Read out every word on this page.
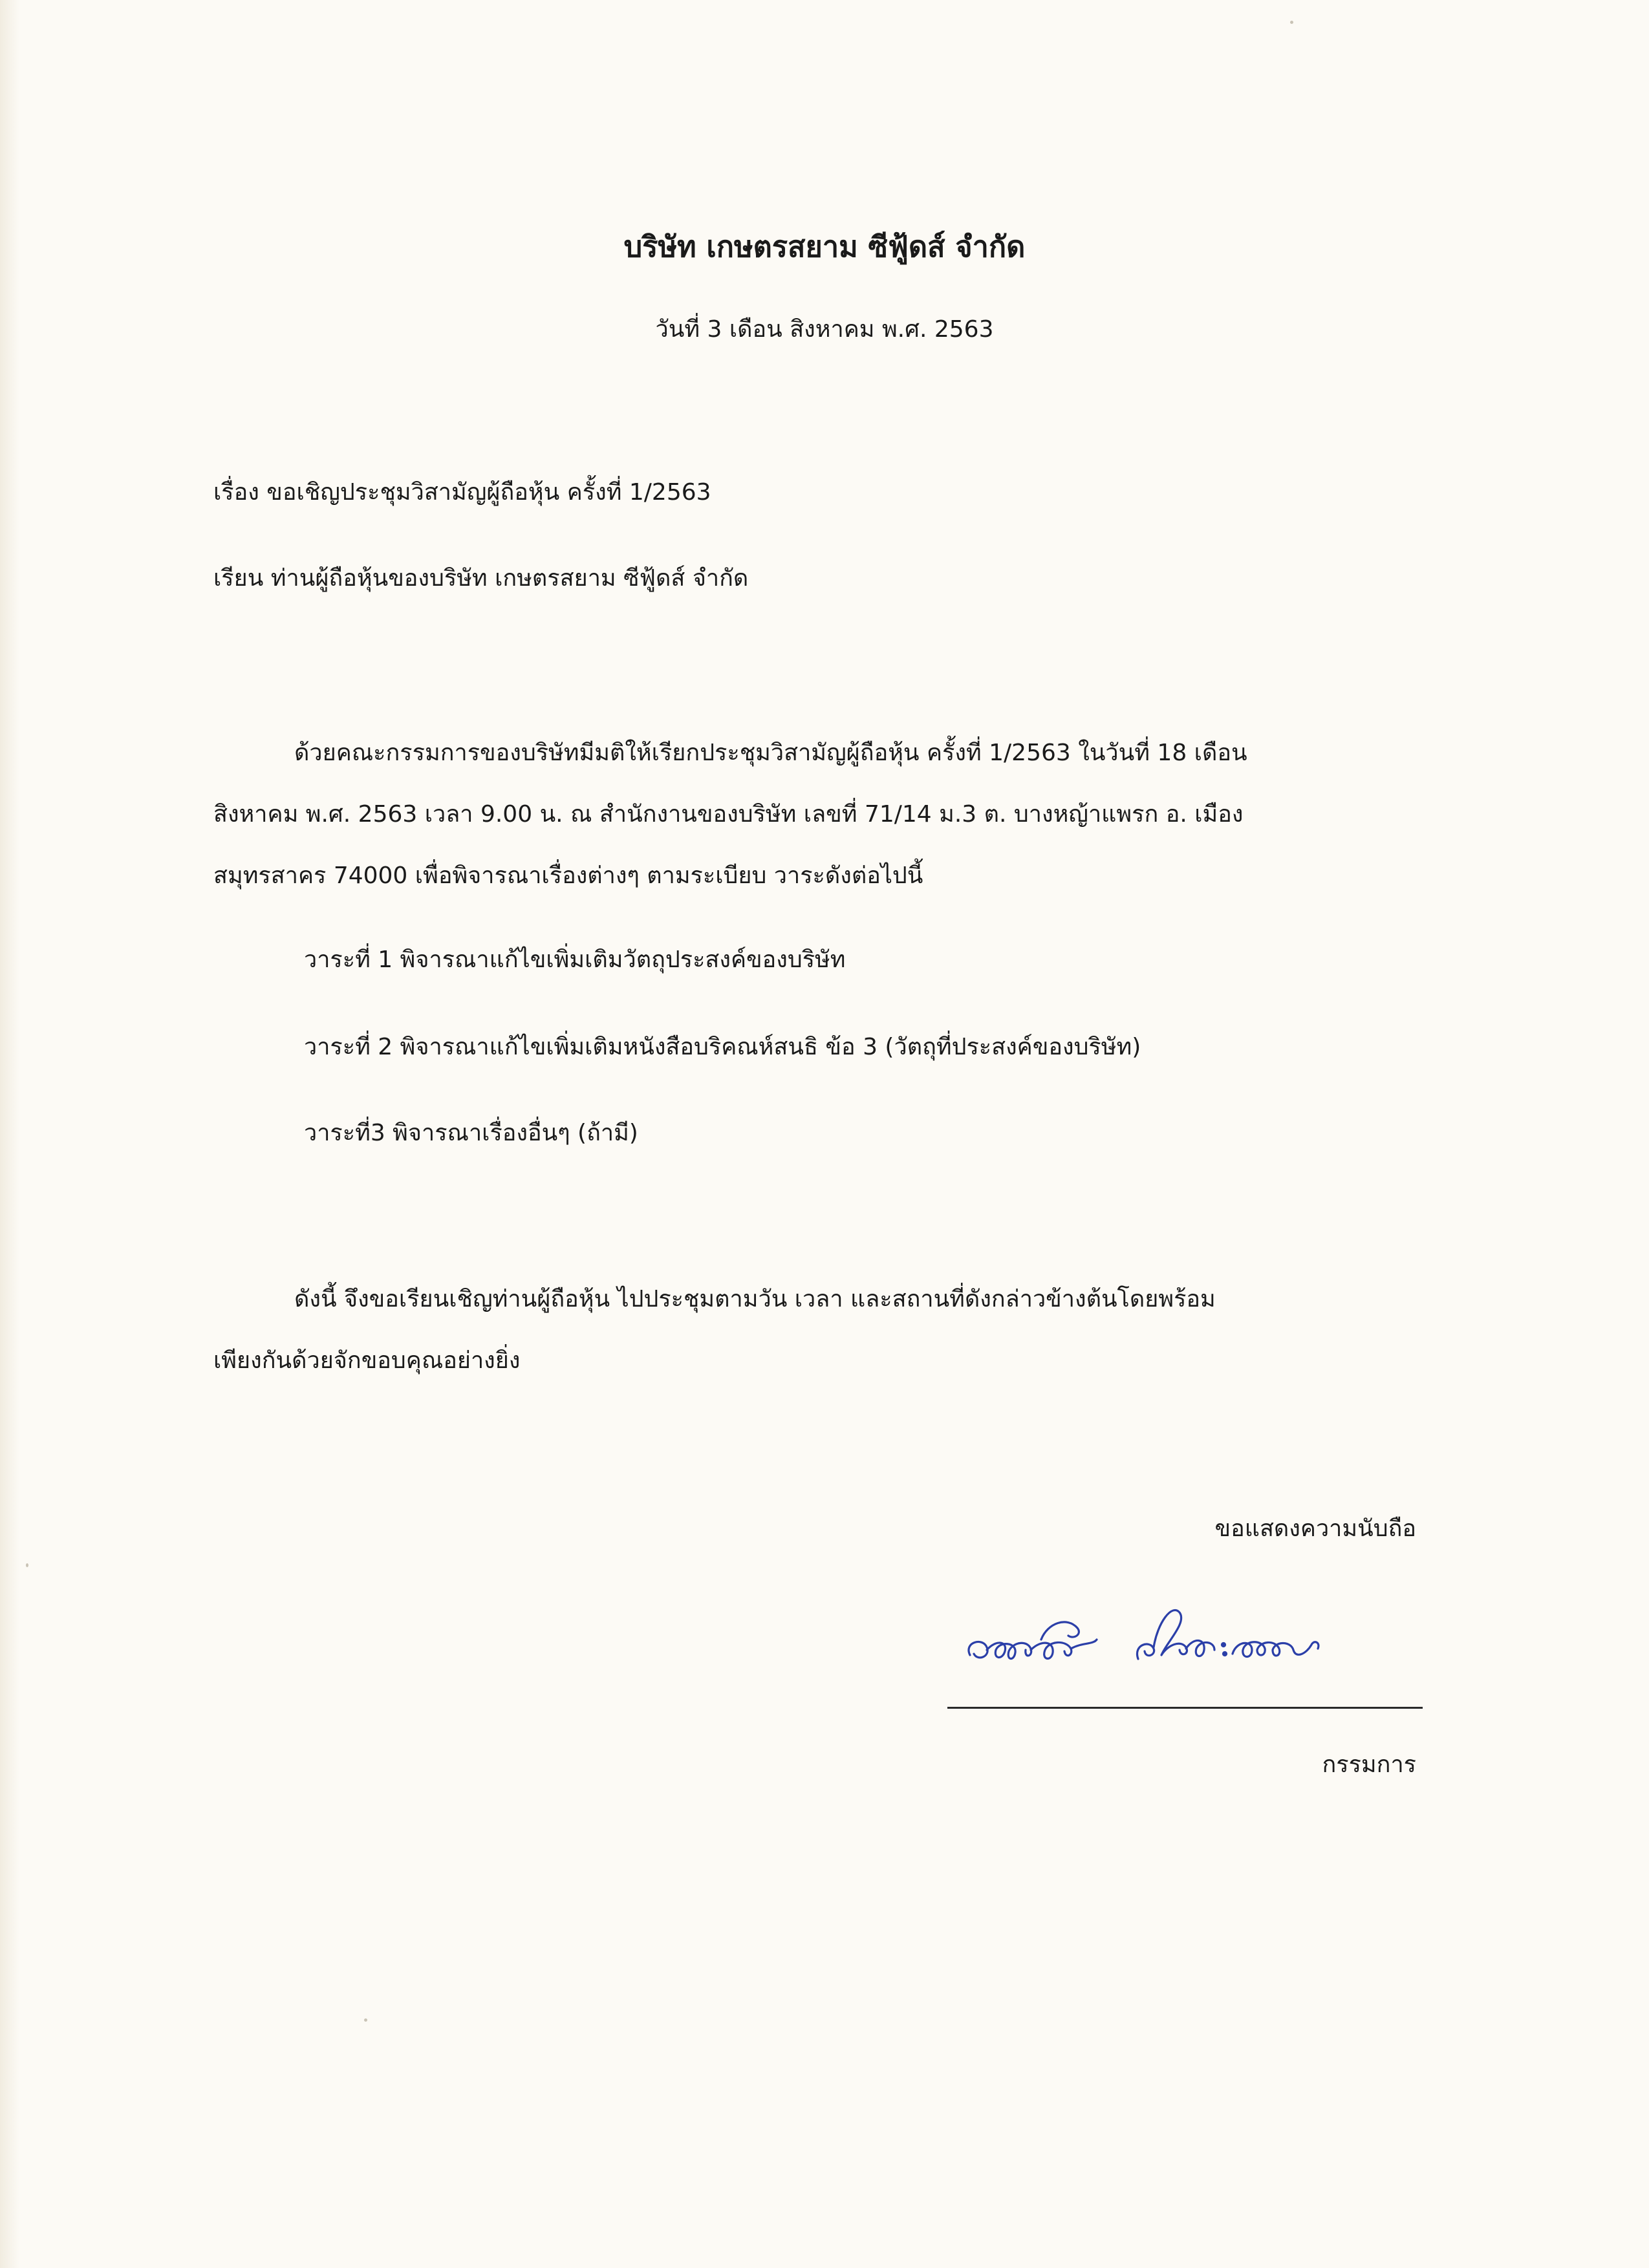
บริษัท เกษตรสยาม ซีฟู้ดส์ จำกัด
วันที่ 3 เดือน สิงหาคม พ.ศ. 2563
เรื่อง ขอเชิญประชุมวิสามัญผู้ถือหุ้น ครั้งที่ 1/2563
เรียน ท่านผู้ถือหุ้นของบริษัท เกษตรสยาม ซีฟู้ดส์ จำกัด
ด้วยคณะกรรมการของบริษัทมีมติให้เรียกประชุมวิสามัญผู้ถือหุ้น ครั้งที่ 1/2563 ในวันที่ 18 เดือน
สิงหาคม พ.ศ. 2563 เวลา 9.00 น. ณ สำนักงานของบริษัท เลขที่ 71/14 ม.3 ต. บางหญ้าแพรก อ. เมือง
สมุทรสาคร 74000 เพื่อพิจารณาเรื่องต่างๆ ตามระเบียบ วาระดังต่อไปนี้
วาระที่ 1 พิจารณาแก้ไขเพิ่มเติมวัตถุประสงค์ของบริษัท
วาระที่ 2 พิจารณาแก้ไขเพิ่มเติมหนังสือบริคณห์สนธิ ข้อ 3 (วัตถุที่ประสงค์ของบริษัท)
วาระที่3 พิจารณาเรื่องอื่นๆ (ถ้ามี)
ดังนี้ จึงขอเรียนเชิญท่านผู้ถือหุ้น ไปประชุมตามวัน เวลา และสถานที่ดังกล่าวข้างต้นโดยพร้อม
เพียงกันด้วยจักขอบคุณอย่างยิ่ง
ขอแสดงความนับถือ
กรรมการ
